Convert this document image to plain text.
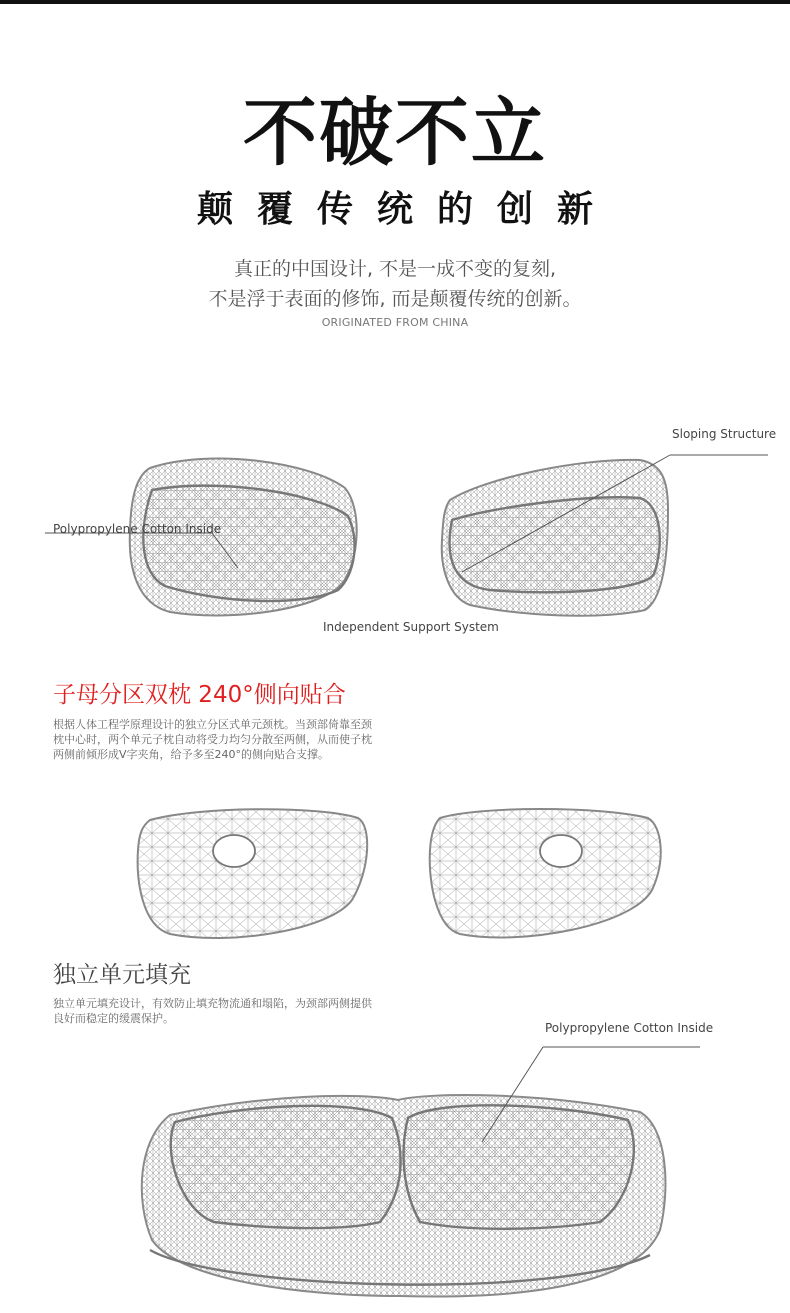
不破不立
颠覆传统的创新
真正的中国设计, 不是一成不变的复刻,
不是浮于表面的修饰, 而是颠覆传统的创新。
ORIGINATED FROM CHINA
Sloping Structure
Polypropylene Cotton Inside
Independent Support System
子母分区双枕 240°侧向贴合
根据人体工程学原理设计的独立分区式单元颈枕。当颈部倚靠至颈
枕中心时，两个单元子枕自动将受力均匀分散至两侧，从而使子枕
两侧前倾形成V字夹角，给予多至240°的侧向贴合支撑。
独立单元填充
独立单元填充设计，有效防止填充物流通和塌陷，为颈部两侧提供
良好而稳定的缓震保护。
Polypropylene Cotton Inside
